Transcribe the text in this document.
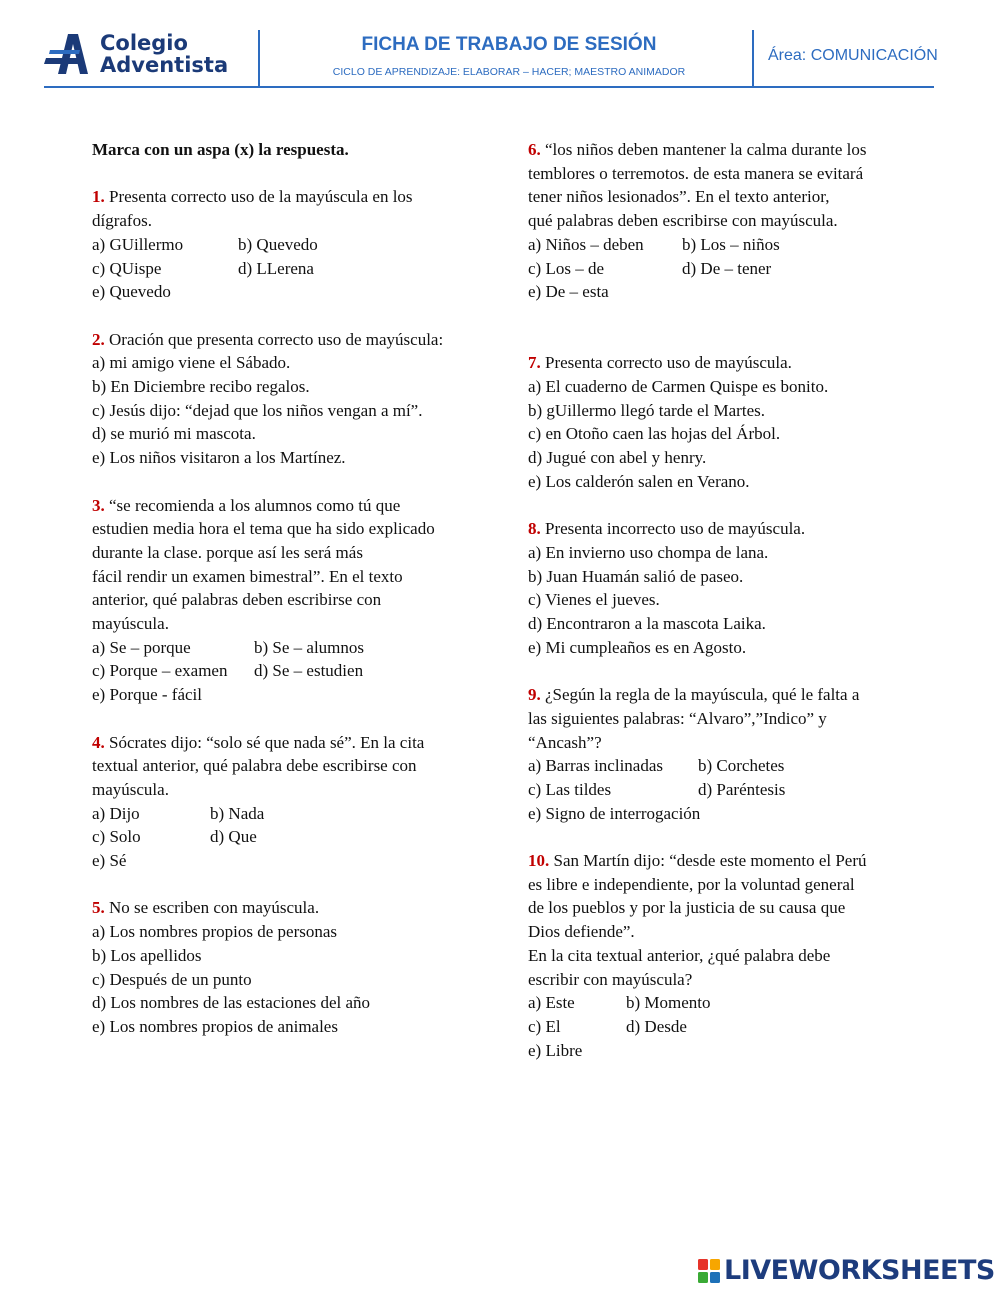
Colegio
Adventista
FICHA DE TRABAJO DE SESIÓN
CICLO DE APRENDIZAJE: ELABORAR – HACER; MAESTRO ANIMADOR
Área: COMUNICACIÓN
Marca con un aspa (x) la respuesta.
1. Presenta correcto uso de la mayúscula en los
dígrafos.
a) GUillermo	b) Quevedo
c) QUispe	d) LLerena
e) Quevedo
2. Oración que presenta correcto uso de mayúscula:
a) mi amigo viene el Sábado.
b) En Diciembre recibo regalos.
c) Jesús dijo: “dejad que los niños vengan a mí”.
d) se murió mi mascota.
e) Los niños visitaron a los Martínez.
3. “se recomienda a los alumnos como tú que
estudien media hora el tema que ha sido explicado
durante la clase. porque así les será más
fácil rendir un examen bimestral”. En el texto
anterior, qué palabras deben escribirse con
mayúscula.
a) Se – porque	b) Se – alumnos
c) Porque – examen d) Se – estudien
e) Porque - fácil
4. Sócrates dijo: “solo sé que nada sé”. En la cita
textual anterior, qué palabra debe escribirse con
mayúscula.
a) Dijo	b) Nada
c) Solo	d) Que
e) Sé
5. No se escriben con mayúscula.
a) Los nombres propios de personas
b) Los apellidos
c) Después de un punto
d) Los nombres de las estaciones del año
e) Los nombres propios de animales
6. “los niños deben mantener la calma durante los
temblores o terremotos. de esta manera se evitará
tener niños lesionados”. En el texto anterior,
qué palabras deben escribirse con mayúscula.
a) Niños – deben b) Los – niños
c) Los – de	d) De – tener
e) De – esta
7. Presenta correcto uso de mayúscula.
a) El cuaderno de Carmen Quispe es bonito.
b) gUillermo llegó tarde el Martes.
c) en Otoño caen las hojas del Árbol.
d) Jugué con abel y henry.
e) Los calderón salen en Verano.
8. Presenta incorrecto uso de mayúscula.
a) En invierno uso chompa de lana.
b) Juan Huamán salió de paseo.
c) Vienes el jueves.
d) Encontraron a la mascota Laika.
e) Mi cumpleaños es en Agosto.
9. ¿Según la regla de la mayúscula, qué le falta a
las siguientes palabras: “Alvaro”,”Indico” y
“Ancash”?
a) Barras inclinadas b) Corchetes
c) Las tildes	d) Paréntesis
e) Signo de interrogación
10. San Martín dijo: “desde este momento el Perú
es libre e independiente, por la voluntad general
de los pueblos y por la justicia de su causa que
Dios defiende”.
En la cita textual anterior, ¿qué palabra debe
escribir con mayúscula?
a) Este	b) Momento
c) El	d) Desde
e) Libre
LIVEWORKSHEETS
